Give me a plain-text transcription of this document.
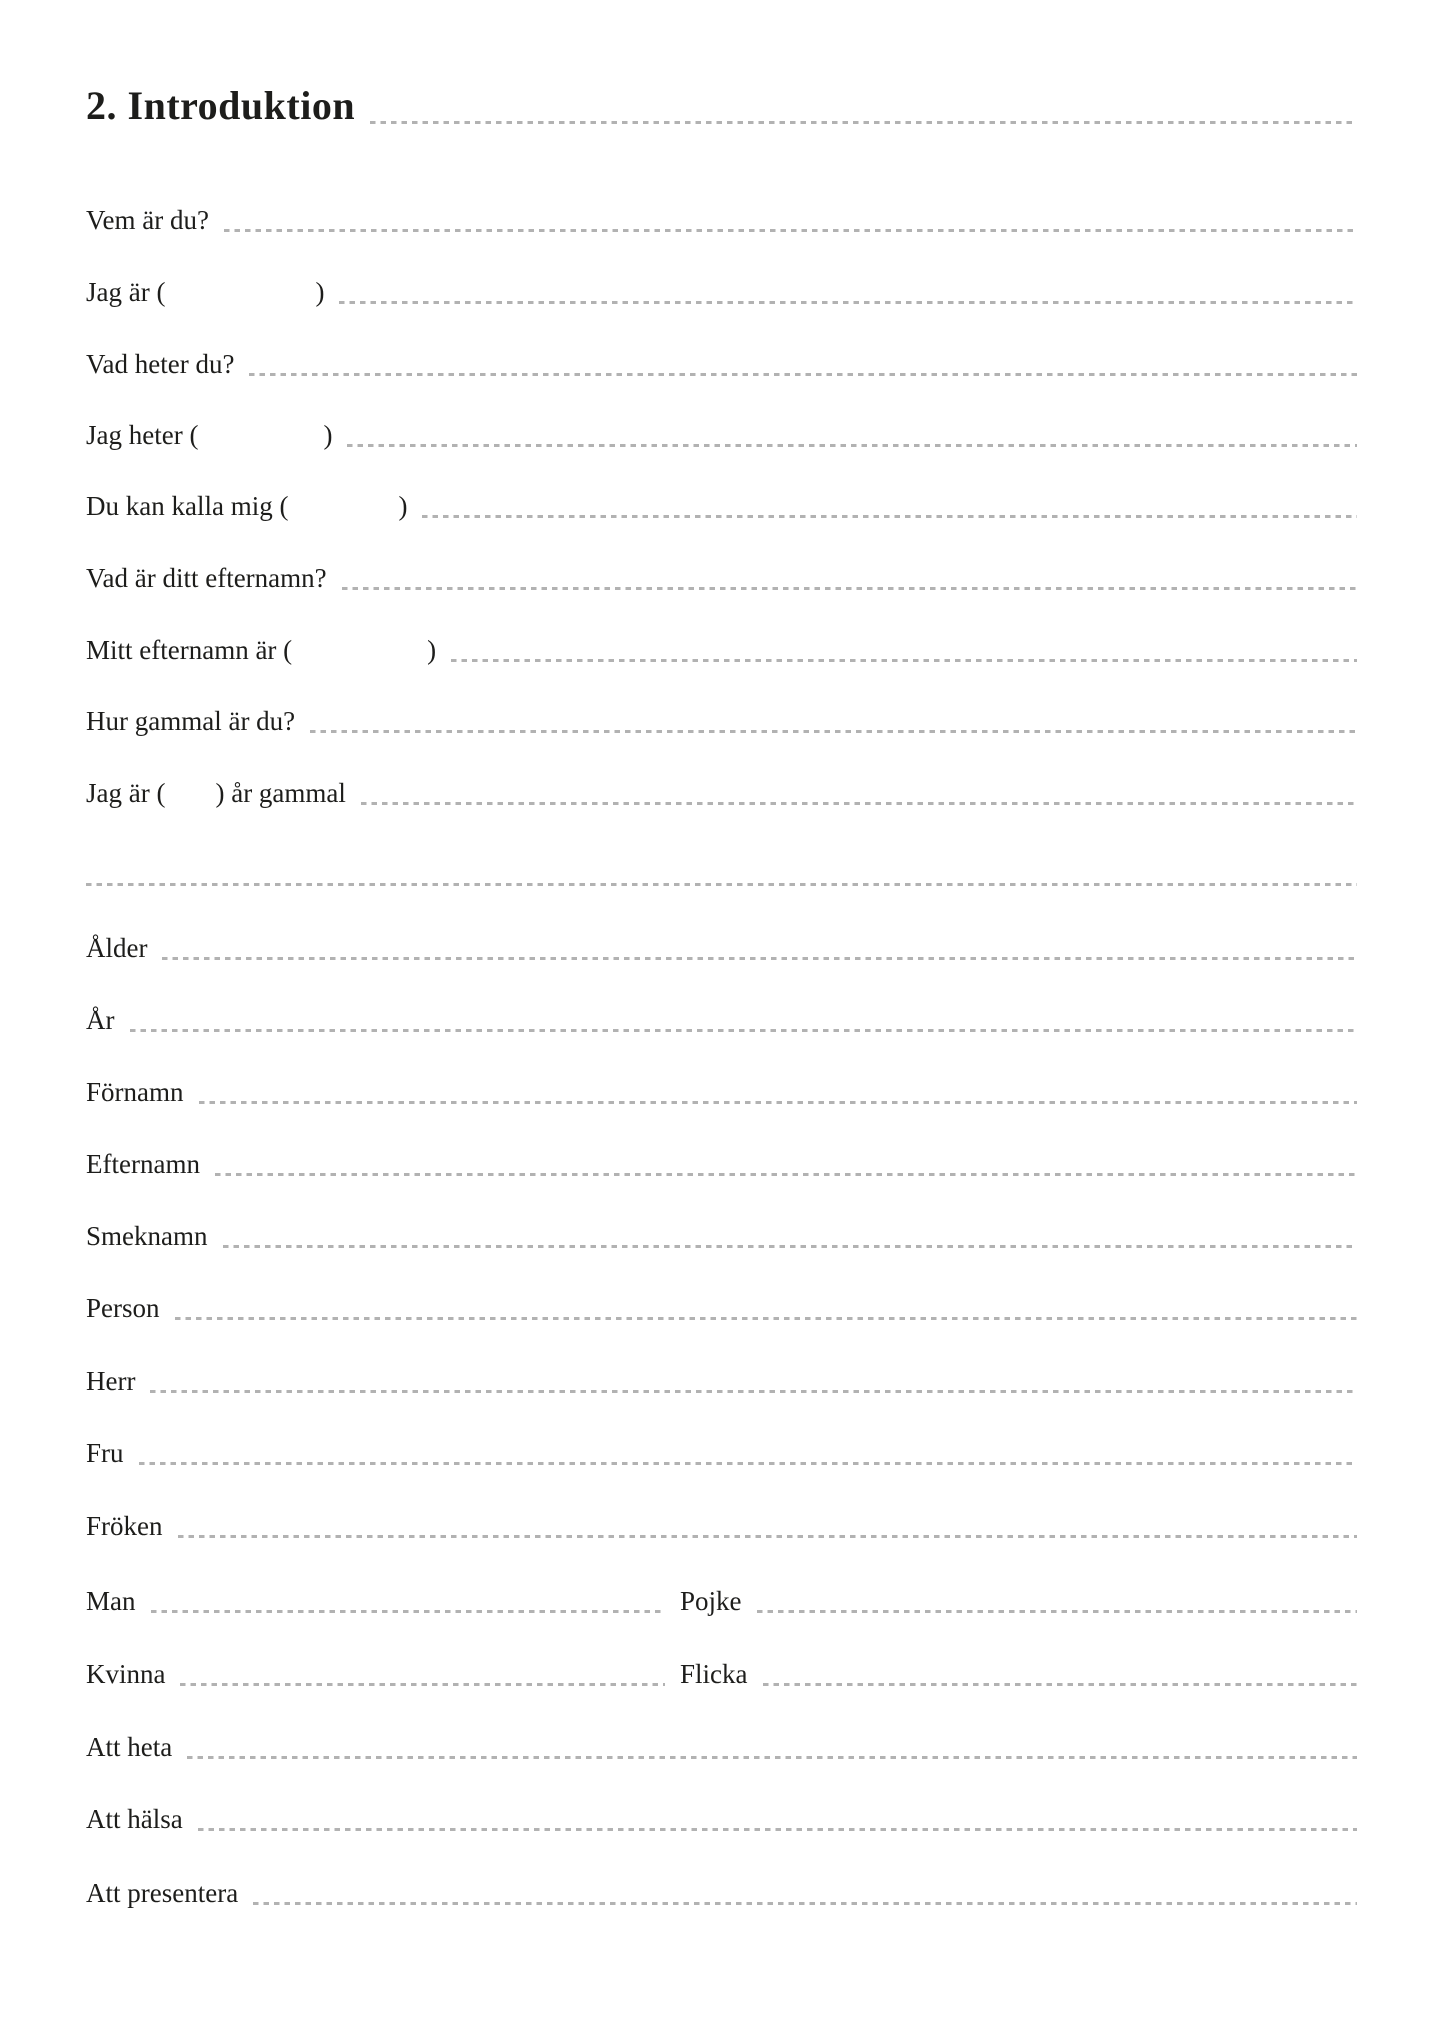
2. Introduktion
Vem är du?
Jag är (	)
Vad heter du?
Jag heter (	)
Du kan kalla mig (	)
Vad är ditt efternamn?
Mitt efternamn är (	)
Hur gammal är du?
Jag är ( ) år gammal
Ålder
År
Förnamn
Efternamn
Smeknamn
Person
Herr
Fru
Fröken
Man	Pojke
Kvinna	Flicka
Att heta
Att hälsa
Att presentera
